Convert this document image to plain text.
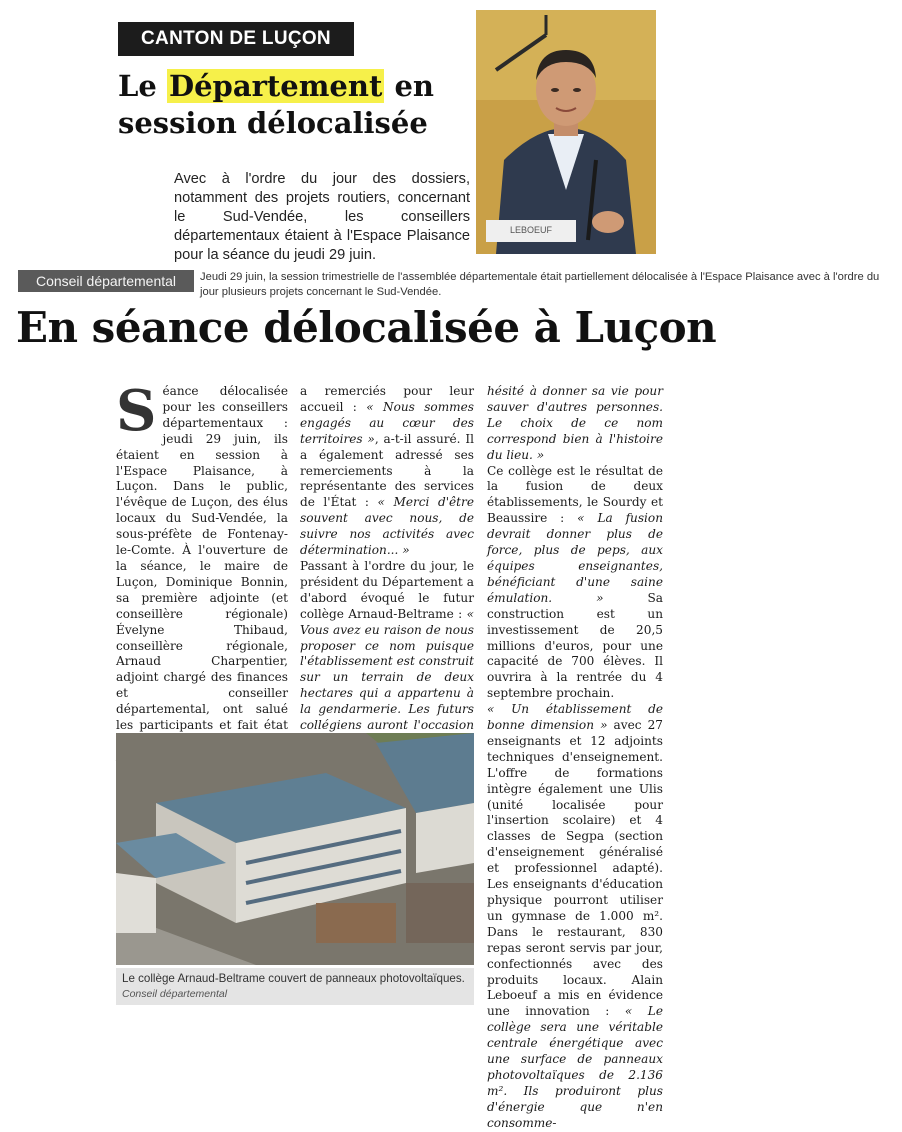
CANTON DE LUÇON
Le Département en session délocalisée
Avec à l'ordre du jour des dossiers, notamment des projets routiers, concernant le Sud-Vendée, les conseillers départementaux étaient à l'Espace Plaisance pour la séance du jeudi 29 juin.
LEBOEUF
Conseil départemental	Jeudi 29 juin, la session trimestrielle de l'assemblée départementale était partiellement délocalisée à l'Espace Plaisance avec à l'ordre du jour plusieurs projets concernant le Sud-Vendée.
En séance délocalisée à Luçon
Séance délocalisée pour les conseillers départementaux : jeudi 29 juin, ils étaient en session à l'Espace Plaisance, à Luçon. Dans le public, l'évêque de Luçon, des élus locaux du Sud-Vendée, la sous-préfète de Fontenay-le-Comte. À l'ouverture de la séance, le maire de Luçon, Dominique Bonnin, sa première adjointe (et conseillère régionale) Évelyne Thibaud, conseillère régionale, Arnaud Charpentier, adjoint chargé des finances et conseiller départemental, ont salué les participants et fait état

a remerciés pour leur accueil : « Nous sommes engagés au cœur des territoires », a-t-il assuré. Il a également adressé ses remerciements à la représentante des services de l'État : « Merci d'être souvent avec nous, de suivre nos activités avec détermination... »

Passant à l'ordre du jour, le président du Département a d'abord évoqué le futur collège Arnaud-Beltrame : « Vous avez eu raison de nous proposer ce nom puisque l'établissement est construit sur un terrain de deux hectares qui a appartenu à la gendarmerie. Les futurs collégiens auront l'occasion

hésité à donner sa vie pour sauver d'autres personnes. Le choix de ce nom correspond bien à l'histoire du lieu. »

Ce collège est le résultat de la fusion de deux établissements, le Sourdy et Beaussire : « La fusion devrait donner plus de force, plus de peps, aux équipes enseignantes, bénéficiant d'une saine émulation. » Sa construction est un investissement de 20,5 millions d'euros, pour une capacité de 700 élèves. Il ouvrira à la rentrée du 4 septembre prochain.

« Un établissement de bonne dimension » avec 27 enseignants et 12 adjoints techniques d'enseignement. L'offre de formations intègre également une Ulis (unité localisée pour l'insertion scolaire) et 4 classes de Segpa (section d'enseignement généralisé et professionnel adapté). Les enseignants d'éducation physique pourront utiliser un gymnase de 1.000 m². Dans le restaurant, 830 repas seront servis par jour, confectionnés avec des produits locaux. Alain Leboeuf a mis en évidence une innovation : « Le collège sera une véritable centrale énergétique avec une surface de panneaux photovoltaïques de 2.136 m². Ils produiront plus d'énergie que n'en consomme-

Le collège Arnaud-Beltrame couvert de panneaux photovoltaïques. Conseil départemental
